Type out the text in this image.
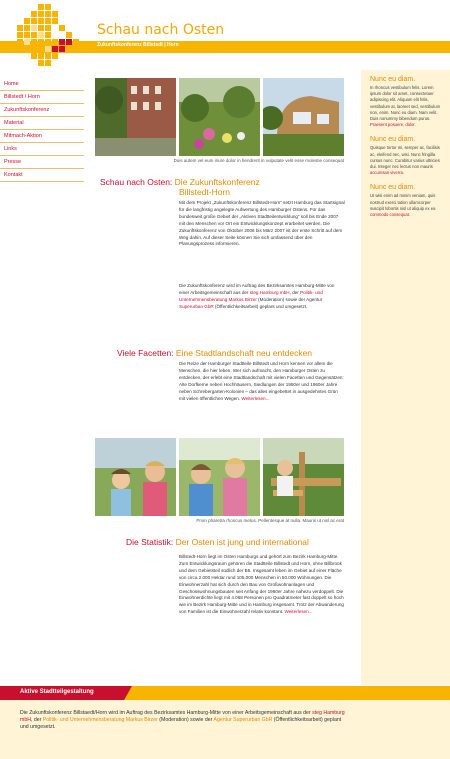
Schau nach Osten
Zukunftskonferenz Billstedt | Horn
Home
Billstedt / Horn
Zukunftskonferenz
Material
Mitmach-Aktion
Links
Presse
Kontakt
Nunc eu diam.
In rhoncus vestibulum felis. Lorem ipsum dolor sit amet, consectetuer adipiscing elit. Aliquam elit felis, vestibulum at, laoreet sed, vestibulum non, enim. Nunc eu diam. Nam velit. Duis nonummy bibendum purus. Praesent posuere, dolor.
Nunc eu diam.
Quisque tortor mi, semper ac, facilisis ac, eleifend nec, wisi. Nunc fringilla cursus nunc. Curabitur varius ultricies dui. Integer nec lectus non mauris accumsan viverra.
Nunc eu diam.
Ut wisi enim ad minim veniam, quis nostrud exerci tation ullamcorper suscipit lobortis nisl ut aliquip ex ea commodo consequat.
Duis autem vel eum iriure dolor in hendrerit in vulputate velit esse molestie consequat
Schau nach Osten: Die Zukunftskonferenz
Billstedt-Horn
Mit dem Projekt „Zukunftskonferenz Billstedt-Horn“ setzt Hamburg das Startsignal für die langfristig angelegte Aufwertung des Hamburger Ostens. Für das bundesweit große Gebiet der „Aktiven Stadtteilentwicklung“ soll bis Ende 2007 mit den Menschen vor Ort ein Entwicklungskonzept erarbeitet werden. Die Zukunftskonferenz von Oktober 2006 bis März 2007 ist der erste Schritt auf dem Weg dahin. Auf dieser Seite können Sie sich umfassend über den Planungsprozess informieren.
Die Zukunftskonferenz wird im Auftrag des Bezirksamtes Hamburg-Mitte von einer Arbeitsgemeinschaft aus der steg Hamburg mbH, der Politik- und Unternehmensberatung Markus Birzer (Moderation) sowie der Agentur Superurban GbR (Öffentlichkeitsarbeit) geplant und umgesetzt.
Viele Facetten: Eine Stadtlandschaft neu entdecken
Die Reize der Hamburger Stadtteile Billstedt und Horn kennen vor allem die Menschen, die hier leben. Wer sich aufmacht, den Hamburger Osten zu entdecken, der erlebt eine Stadtlandschaft mit vielen Facetten und Gegensätzen: Alte Dorfkerne neben Hochhäusern, Siedlungen der 1950er und 1960er Jahre neben Schrebergarten-Kolonien – das alles eingebettet in ausgedehntes Grün mit vielen öffentlichen Wegen. Weiterlesen...
Proin pharetra rhoncus metus. Pellentesque at nulla. Mauris ut nisl ac erat
Die Statistik: Der Osten ist jung und international
Billstedt-Horn liegt im Osten Hamburgs und gehört zum Bezirk Hamburg-Mitte. Zum Entwicklungsraum gehören die Stadtteile Billstedt und Horn, ohne Billbrook und dem Gebietsteil südlich der B5. Insgesamt leben im Gebiet auf einer Fläche von circa 2.000 Hektar rund 105.000 Menschen in 50.000 Wohnungen. Die Einwohnerzahl hat sich durch den Bau von Großwohnanlagen und Geschosswohnungsbauten seit Anfang der 1960er Jahre nahezu verdoppelt. Die Einwohnerdichte liegt mit 4.068 Personen pro Quadratmeter fast doppelt so hoch wie im Bezirk Hamburg-Mitte und in Hamburg insgesamt. Trotz der Abwanderung von Familien ist die Einwohnerzahl relativ konstant. Weiterlesen...
Aktive Stadtteilgestaltung
Die Zukunftskonferenz Billstaedt/Horn wird im Auftrag des Bezirksamtes Hamburg-Mitte von einer Arbeitsgemeinschaft aus der steg Hamburg mbH, der Politik- und Unternehmensberatung Markus Birzer (Moderation) sowie der Agentur Superurban GbR (Öffentlichkeitsarbeit) geplant und umgesetzt.
